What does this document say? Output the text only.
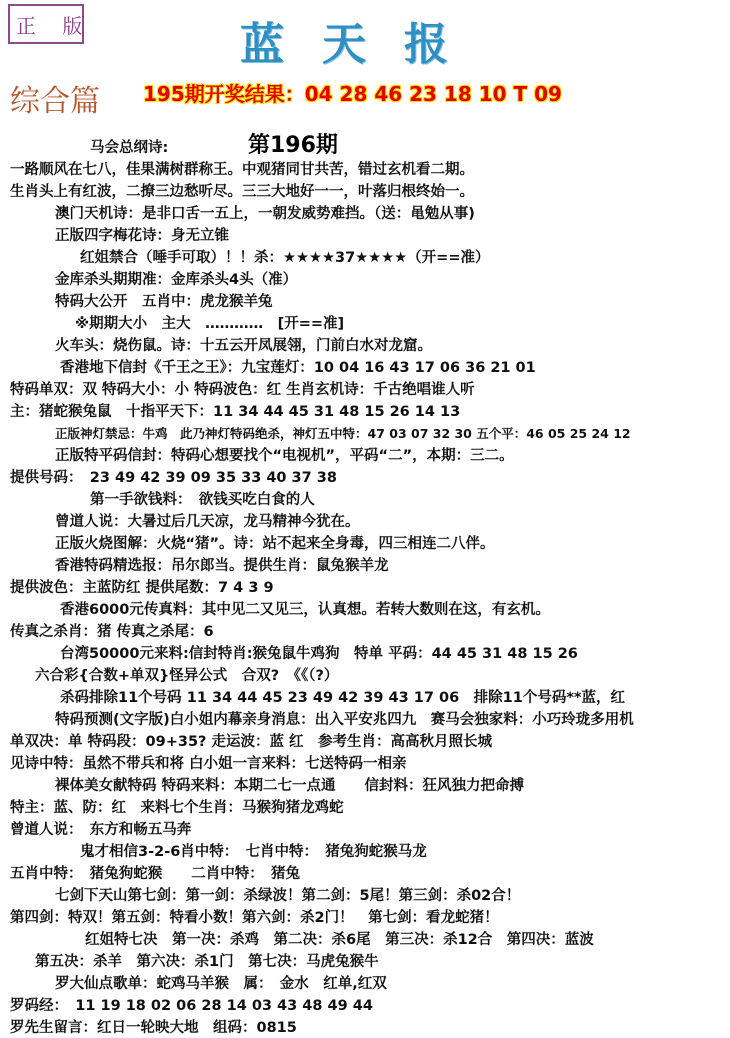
正 版	蓝天报
综合篇 195期开奖结果：04 28 46 23 18 10 T 09
第196期
马会总纲诗:
一路顺风在七八，佳果满树群称王。中观猪同甘共苦，错过玄机看二期。
生肖头上有红波，二撩三边愁听尽。三三大地好一一，叶落归根终始一。
澳门天机诗：是非口舌一五上，一朝发威势难挡。（送：黾勉从事)
正版四字梅花诗：身无立锥
红姐禁合（唾手可取）！！杀：★★★★37★★★★（开==准）
金库杀头期期准：金库杀头4头（准）
特码大公开　五肖中：虎龙猴羊兔
※期期大小　主大　…………　[开==准]
火车头：烧伤鼠。诗：十五云开凤展翎，门前白水对龙窟。
香港地下信封《千王之王》：九宝莲灯：10 04 16 43 17 06 36 21 01
特码单双：双 特码大小：小 特码波色：红 生肖玄机诗：千古绝唱谁人听
主：猪蛇猴兔鼠　十指平天下：11 34 44 45 31 48 15 26 14 13
正版神灯禁忌：牛鸡　此乃神灯特码绝杀，神灯五中特：47 03 07 32 30 五个平：46 05 25 24 12
正版特平码信封：特码心想要找个“电视机”，平码“二”，本期：三二。
提供号码：　23 49 42 39 09 35 33 40 37 38
第一手欲钱料：　欲钱买吃白食的人
曾道人说：大暑过后几天凉，龙马精神今犹在。
正版火烧图解：火烧“猪”。诗：站不起来全身毒，四三相连二八伴。
香港特码精选报：吊尔郎当。提供生肖：鼠兔猴羊龙
提供波色：主蓝防红 提供尾数：7 4 3 9
香港6000元传真料：其中见二又见三，认真想。若转大数则在这，有玄机。
传真之杀肖：猪 传真之杀尾：6
台湾50000元来料:信封特肖:猴兔鼠牛鸡狗　特单 平码：44 45 31 48 15 26
六合彩{合数+单双}怪异公式　合双?　《《（?）
杀码排除11个号码 11 34 44 45 23 49 42 39 43 17 06　排除11个号码**蓝，红
特码预测(文字版)白小姐内幕亲身消息：出入平安兆四九　赛马会独家料：小巧玲珑多用机
单双决：单 特码段：09+35? 走运波：蓝 红　参考生肖：高高秋月照长城
见诗中特：虽然不带兵和将 白小姐一言来料：七送特码一相亲
裸体美女献特码 特码来料：本期二七一点通　　信封料：狂风独力把命搏
特主：蓝、防：红　来料七个生肖：马猴狗猪龙鸡蛇
曾道人说：　东方和畅五马奔
鬼才相信3-2-6肖中特：　七肖中特：　猪兔狗蛇猴马龙
五肖中特：　猪兔狗蛇猴　　二肖中特：　猪兔
七剑下天山第七剑：第一剑：杀绿波！第二剑：5尾！第三剑：杀02合！
第四剑：特双！第五剑：特看小数！第六剑：杀2门！　第七剑：看龙蛇猪！
红姐特七决　第一决：杀鸡　第二决：杀6尾　第三决：杀12合　第四决：蓝波
第五决：杀羊　第六决：杀1门　第七决：马虎兔猴牛
罗大仙点歌单：蛇鸡马羊猴　属：　金水　红单,红双
罗码经：　11 19 18 02 06 28 14 03 43 48 49 44
罗先生留言：红日一轮映大地　组码：0815
